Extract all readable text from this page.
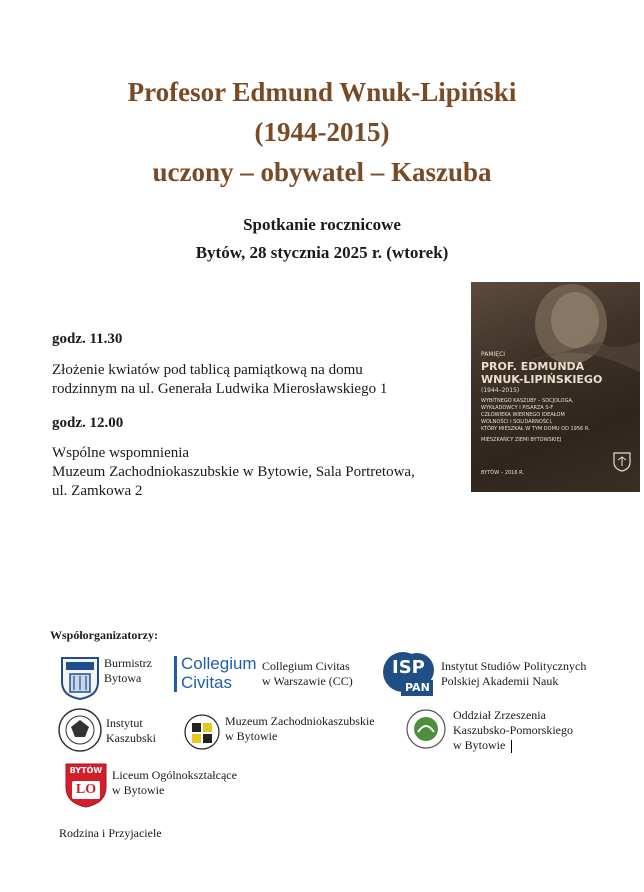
Profesor Edmund Wnuk-Lipiński
(1944-2015)
uczony – obywatel – Kaszuba
Spotkanie rocznicowe
Bytów, 28 stycznia 2025 r. (wtorek)
godz. 11.30
Złożenie kwiatów pod tablicą pamiątkową na domu
rodzinnym na ul. Generała Ludwika Mierosławskiego 1
godz. 12.00
Wspólne wspomnienia
Muzeum Zachodniokaszubskie w Bytowie, Sala Portretowa,
ul. Zamkowa 2
PAMIĘCI
PROF. EDMUNDA
WNUK-LIPIŃSKIEGO
(1944–2015)
WYBITNEGO KASZUBY – SOCJOLOGA,
WYKŁADOWCY I PISARZA S-F
CZŁOWIEKA WIERNEGO IDEAŁOM
WOLNOŚCI I SOLIDARNOŚCI,
KTÓRY MIESZKAŁ W TYM DOMU OD 1956 R.
MIESZKAŃCY ZIEMI BYTOWSKIEJ
BYTÓW – 2016 R.
Współorganizatorzy:
Burmistrz
Bytowa
Collegium
Civitas
Collegium Civitas
w Warszawie (CC)
ISP
PAN
Instytut Studiów Politycznych
Polskiej Akademii Nauk
Instytut
Kaszubski
Muzeum Zachodniokaszubskie
w Bytowie
Oddział Zrzeszenia
Kaszubsko-Pomorskiego
w Bytowie
BYTÓW
LO
Liceum Ogólnokształcące
w Bytowie
Rodzina i Przyjaciele
